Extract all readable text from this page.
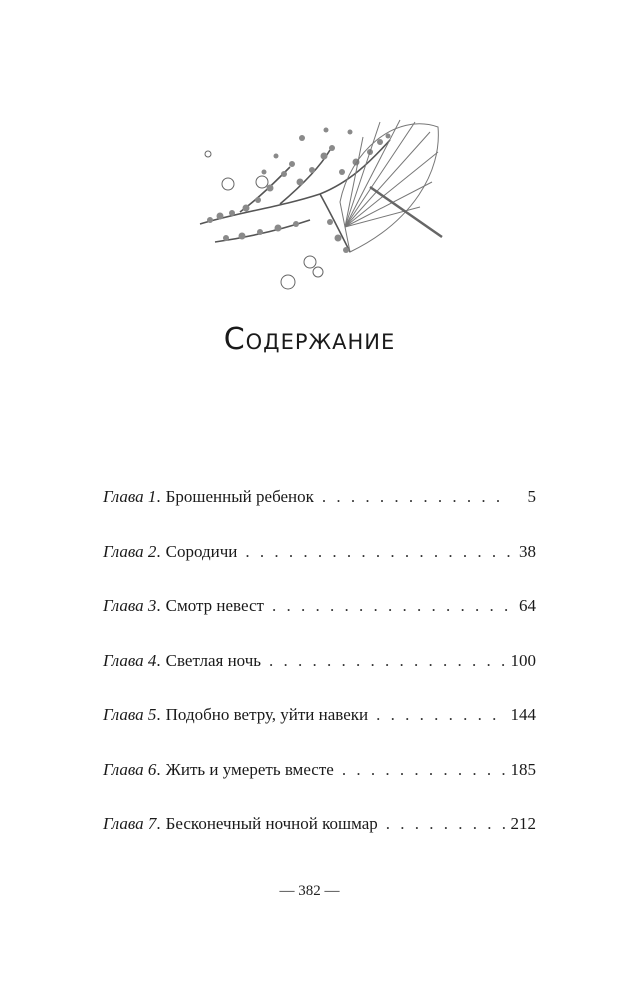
Содержание
Глава 1 . Брошенный ребенок . . .	5
Глава 2 . Сородичи . . .	38
Глава 3 . Смотр невест . . .	64
Глава 4 . Светлая ночь . . .	100
Глава 5 . Подобно ветру, уйти навеки . . .	144
Глава 6 . Жить и умереть вместе . . .	185
Глава 7 . Бесконечный ночной кошмар . . .	212
— 382 —
